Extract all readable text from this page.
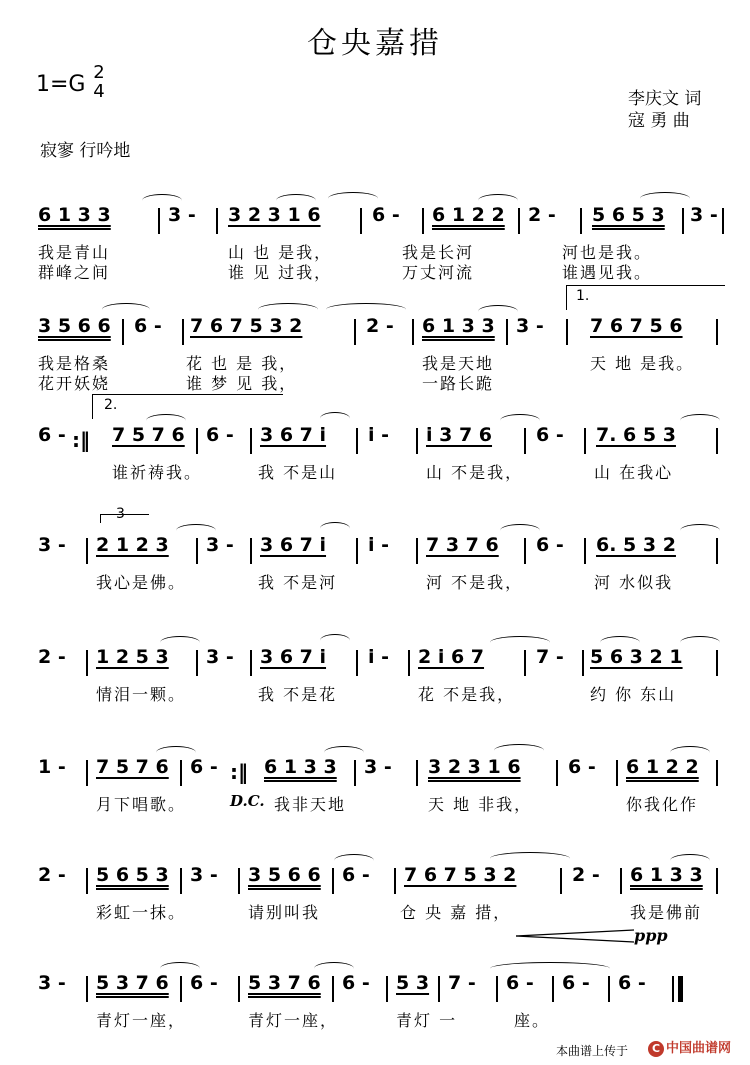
仓央嘉措
1=G 2
4	李庆文 词
寇 勇 曲
寂寥 行吟地
6 1 3 3	3 - 3 2 3 1 6	6 - 6 1 2 2 2 - 5 6 5 3 3 -
我是青山	山 也 是我，	我是长河	河也是我。
群峰之间	谁 见 过我，	万丈河流	谁遇见我。
1.
3 5 6 6 6 - 7 6 7 5 3 2	2 - 6 1 3 3 3 - 7 6 7 5 6
我是格桑	花 也 是 我，	我是天地	天 地 是我。
花开妖娆	谁 梦 见 我，	一路长跪
2.
6 - :‖ 7 5 7 6 6 - 3 6 7 i i - i 3 7 6 6 - 7. 6 5 3
谁祈祷我。	我 不是山	山 不是我，	山 在我心
3
3 - 2 1 2 3 3 - 3 6 7 i i - 7 3 7 6 6 - 6. 5 3 2
我心是佛。	我 不是河	河 不是我，	河 水似我
2 - 1 2 5 3 3 - 3 6 7 i i - 2 i 6 7	7 - 5 6 3 2 1
情泪一颗。	我 不是花	花 不是我，	约 你 东山
1 - 7 5 7 6 6 - :‖ 6 1 3 3 3 - 3 2 3 1 6 6 - 6 1 2 2
月下唱歌。	D.C. 我非天地	天 地 非我，	你我化作
2 - 5 6 5 3 3 - 3 5 6 6 6 - 7 6 7 5 3 2	2 - 6 1 3 3
彩虹一抹。	请别叫我	仓 央 嘉 措，	我是佛前
ppp
3 - 5 3 7 6 6 - 5 3 7 6 6 - 5 3 7 - 6 - 6 - 6 -
青灯一座，	青灯一座，	青灯 一	座。
本曲谱上传于	C 中国曲谱网
